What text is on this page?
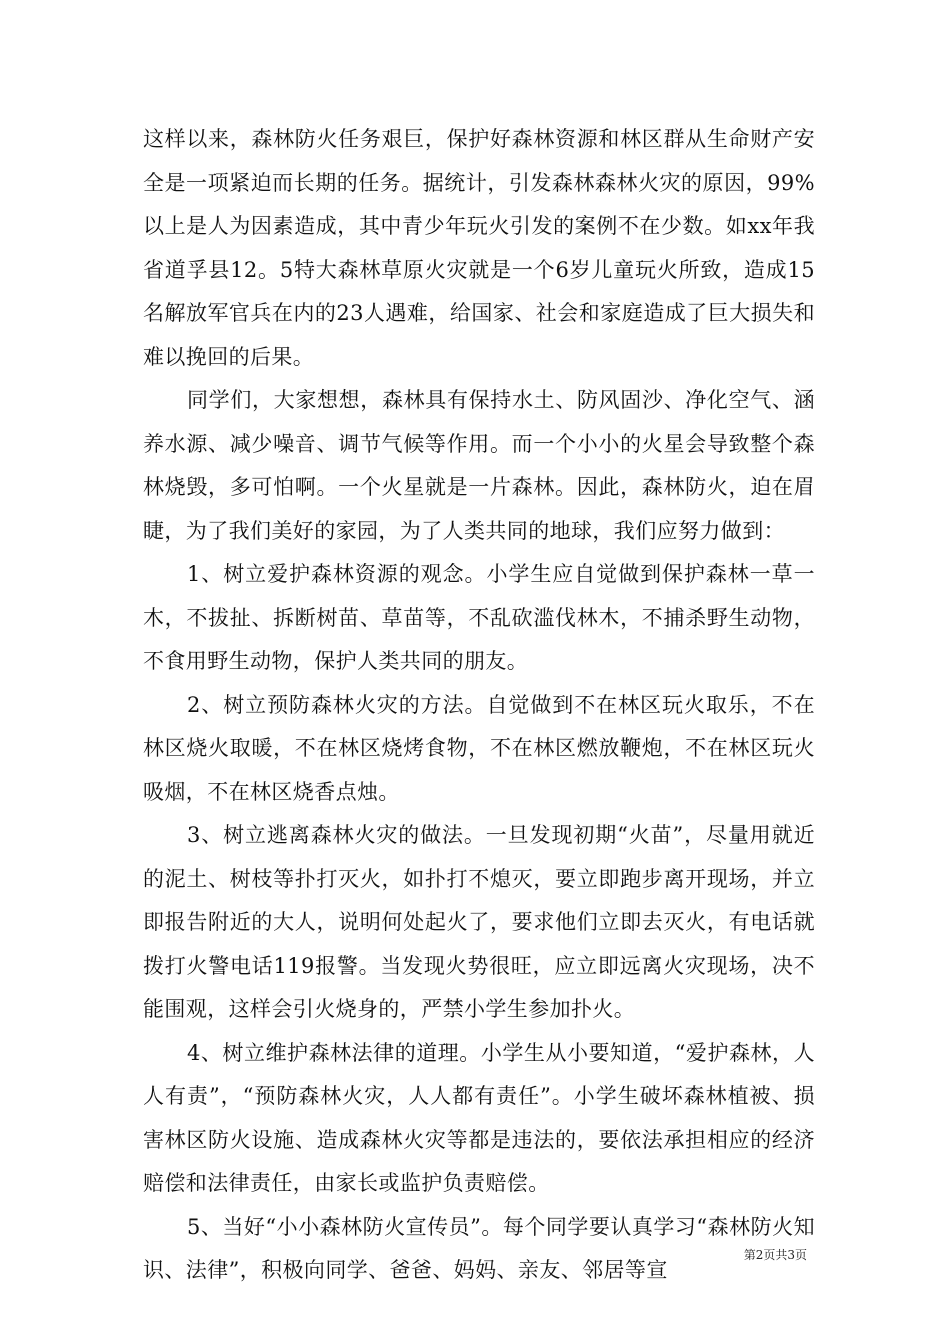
这样以来，森林防火任务艰巨，保护好森林资源和林区群从生命财产安全是一项紧迫而长期的任务。据统计，引发森林森林火灾的原因，99%以上是人为因素造成，其中青少年玩火引发的案例不在少数。如xx年我省道孚县12。5特大森林草原火灾就是一个6岁儿童玩火所致，造成15名解放军官兵在内的23人遇难，给国家、社会和家庭造成了巨大损失和难以挽回的后果。

同学们，大家想想，森林具有保持水土、防风固沙、净化空气、涵养水源、减少噪音、调节气候等作用。而一个小小的火星会导致整个森林烧毁，多可怕啊。一个火星就是一片森林。因此，森林防火，迫在眉睫，为了我们美好的家园，为了人类共同的地球，我们应努力做到：

1、树立爱护森林资源的观念。小学生应自觉做到保护森林一草一木，不拔扯、拆断树苗、草苗等，不乱砍滥伐林木，不捕杀野生动物，不食用野生动物，保护人类共同的朋友。

2、树立预防森林火灾的方法。自觉做到不在林区玩火取乐，不在林区烧火取暖，不在林区烧烤食物，不在林区燃放鞭炮，不在林区玩火吸烟，不在林区烧香点烛。

3、树立逃离森林火灾的做法。一旦发现初期“火苗”，尽量用就近的泥土、树枝等扑打灭火，如扑打不熄灭，要立即跑步离开现场，并立即报告附近的大人，说明何处起火了，要求他们立即去灭火，有电话就拨打火警电话119报警。当发现火势很旺，应立即远离火灾现场，决不能围观，这样会引火烧身的，严禁小学生参加扑火。

4、树立维护森林法律的道理。小学生从小要知道，“爱护森林，人人有责”，“预防森林火灾，人人都有责任”。小学生破坏森林植被、损害林区防火设施、造成森林火灾等都是违法的，要依法承担相应的经济赔偿和法律责任，由家长或监护负责赔偿。

5、当好“小小森林防火宣传员”。每个同学要认真学习“森林防火知识、法律”，积极向同学、爸爸、妈妈、亲友、邻居等宣

第2页共3页
